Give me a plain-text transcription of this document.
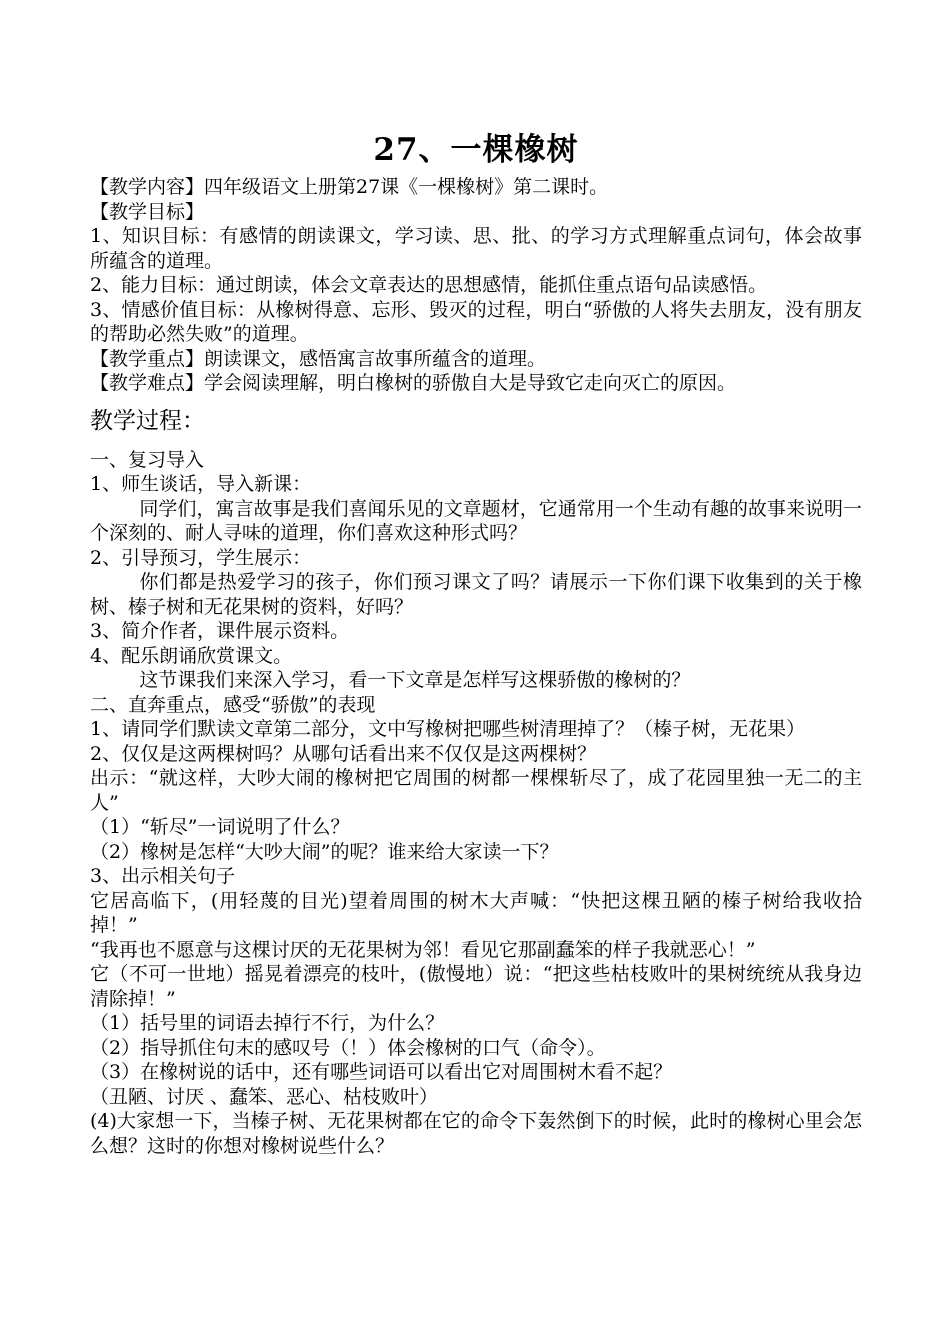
27、一棵橡树

【教学内容】四年级语文上册第27课《一棵橡树》第二课时。

【教学目标】

1、知识目标：有感情的朗读课文，学习读、思、批、的学习方式理解重点词句，体会故事所蕴含的道理。

2、能力目标：通过朗读，体会文章表达的思想感情，能抓住重点语句品读感悟。

3、情感价值目标：从橡树得意、忘形、毁灭的过程，明白“骄傲的人将失去朋友，没有朋友的帮助必然失败”的道理。

【教学重点】朗读课文，感悟寓言故事所蕴含的道理。

【教学难点】学会阅读理解，明白橡树的骄傲自大是导致它走向灭亡的原因。

教学过程：

一、复习导入

1、师生谈话，导入新课：

同学们，寓言故事是我们喜闻乐见的文章题材，它通常用一个生动有趣的故事来说明一个深刻的、耐人寻味的道理，你们喜欢这种形式吗？

2、引导预习，学生展示：

你们都是热爱学习的孩子，你们预习课文了吗？请展示一下你们课下收集到的关于橡树、榛子树和无花果树的资料，好吗？

3、简介作者，课件展示资料。

4、配乐朗诵欣赏课文。

这节课我们来深入学习，看一下文章是怎样写这棵骄傲的橡树的？

二、直奔重点，感受“骄傲”的表现

1、请同学们默读文章第二部分，文中写橡树把哪些树清理掉了？（榛子树，无花果）

2、仅仅是这两棵树吗？从哪句话看出来不仅仅是这两棵树？

出示：“就这样，大吵大闹的橡树把它周围的树都一棵棵斩尽了，成了花园里独一无二的主人”

（1）“斩尽”一词说明了什么？

（2）橡树是怎样“大吵大闹”的呢？谁来给大家读一下？

3、出示相关句子

它居高临下，(用轻蔑的目光)望着周围的树木大声喊：“快把这棵丑陋的榛子树给我收拾掉！”

“我再也不愿意与这棵讨厌的无花果树为邻！看见它那副蠢笨的样子我就恶心！”

它（不可一世地）摇晃着漂亮的枝叶，(傲慢地）说：“把这些枯枝败叶的果树统统从我身边清除掉！”

（1）括号里的词语去掉行不行，为什么？

（2）指导抓住句末的感叹号（！）体会橡树的口气（命令）。

（3）在橡树说的话中，还有哪些词语可以看出它对周围树木看不起？

（丑陋、讨厌 、蠢笨、恶心、枯枝败叶）

(4)大家想一下，当榛子树、无花果树都在它的命令下轰然倒下的时候，此时的橡树心里会怎么想？这时的你想对橡树说些什么？
